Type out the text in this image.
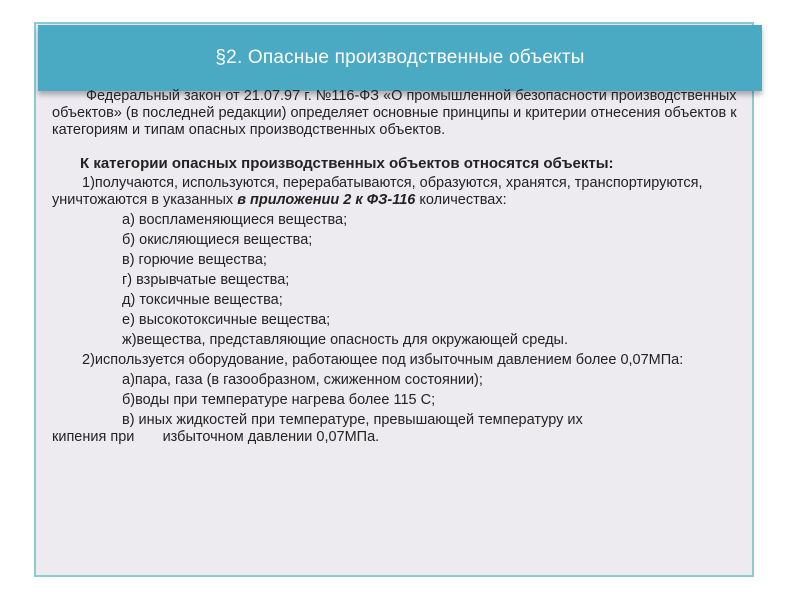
§2. Опасные производственные объекты

Федеральный закон от 21.07.97 г. №116-ФЗ «О промышленной безопасности производственных объектов» (в последней редакции) определяет основные принципы и критерии отнесения объектов к категориям и типам опасных производственных объектов.

К категории опасных производственных объектов относятся объекты:

1)получаются, используются, перерабатываются, образуются, хранятся, транспортируются, уничтожаются в указанных в приложении 2 к ФЗ-116 количествах:

а) воспламеняющиеся вещества;

б) окисляющиеся вещества;

в) горючие вещества;

г) взрывчатые вещества;

д) токсичные вещества;

е) высокотоксичные вещества;

ж)вещества, представляющие опасность для окружающей среды.

2)используется оборудование, работающее под избыточным давлением более 0,07МПа:

а)пара, газа (в газообразном, сжиженном состоянии);

б)воды при температуре нагрева более 115 С;

в) иных жидкостей при температуре, превышающей температуру их

кипения при       избыточном давлении 0,07МПа.
